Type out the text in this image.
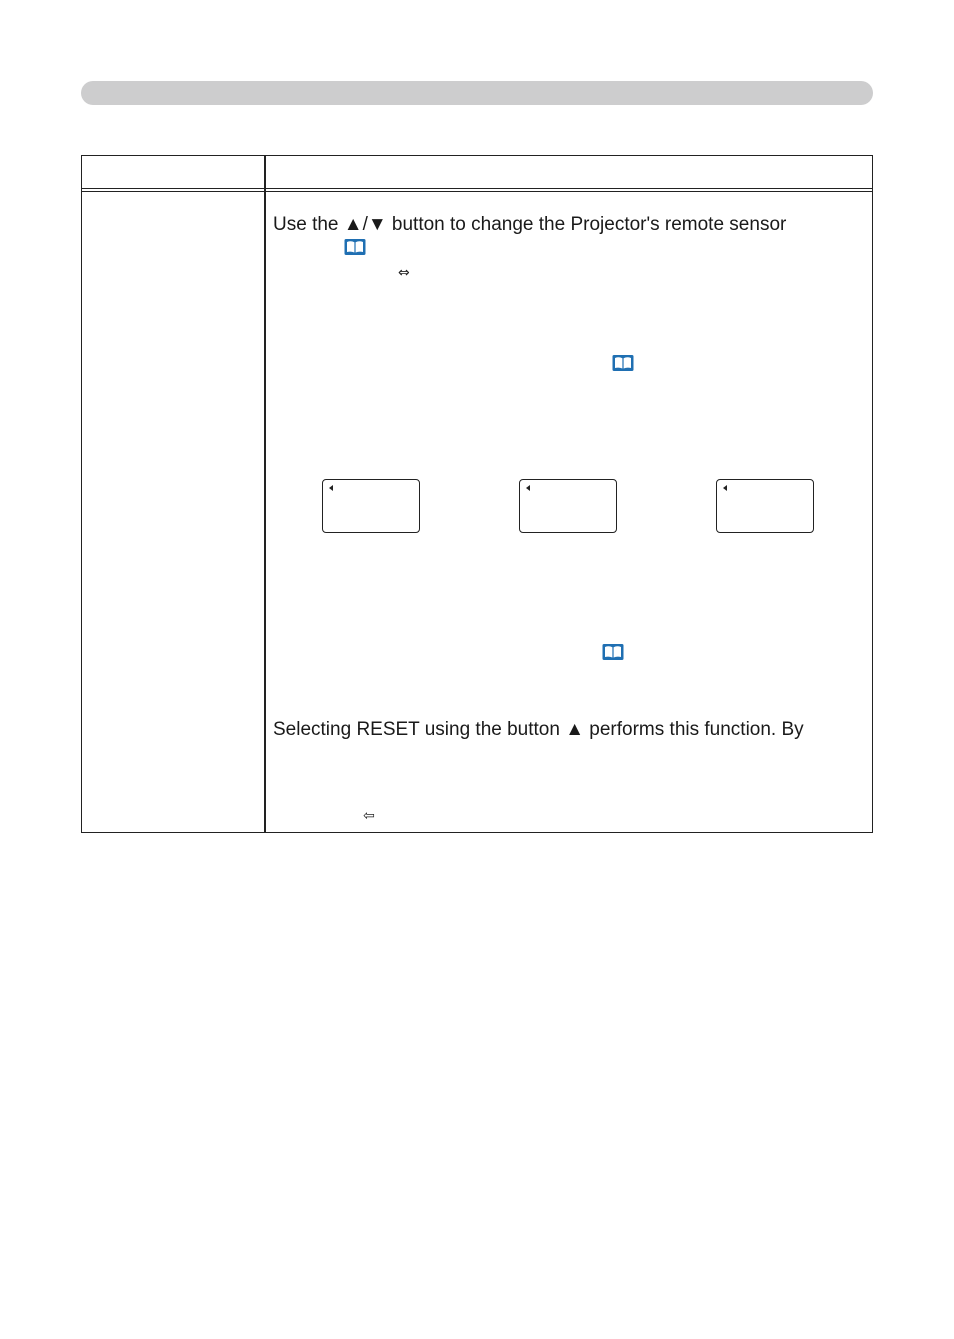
Use the ▲/▼ button to change the Projector's remote sensor
⇔
Selecting RESET using the button ▲ performs this function. By
⇦
